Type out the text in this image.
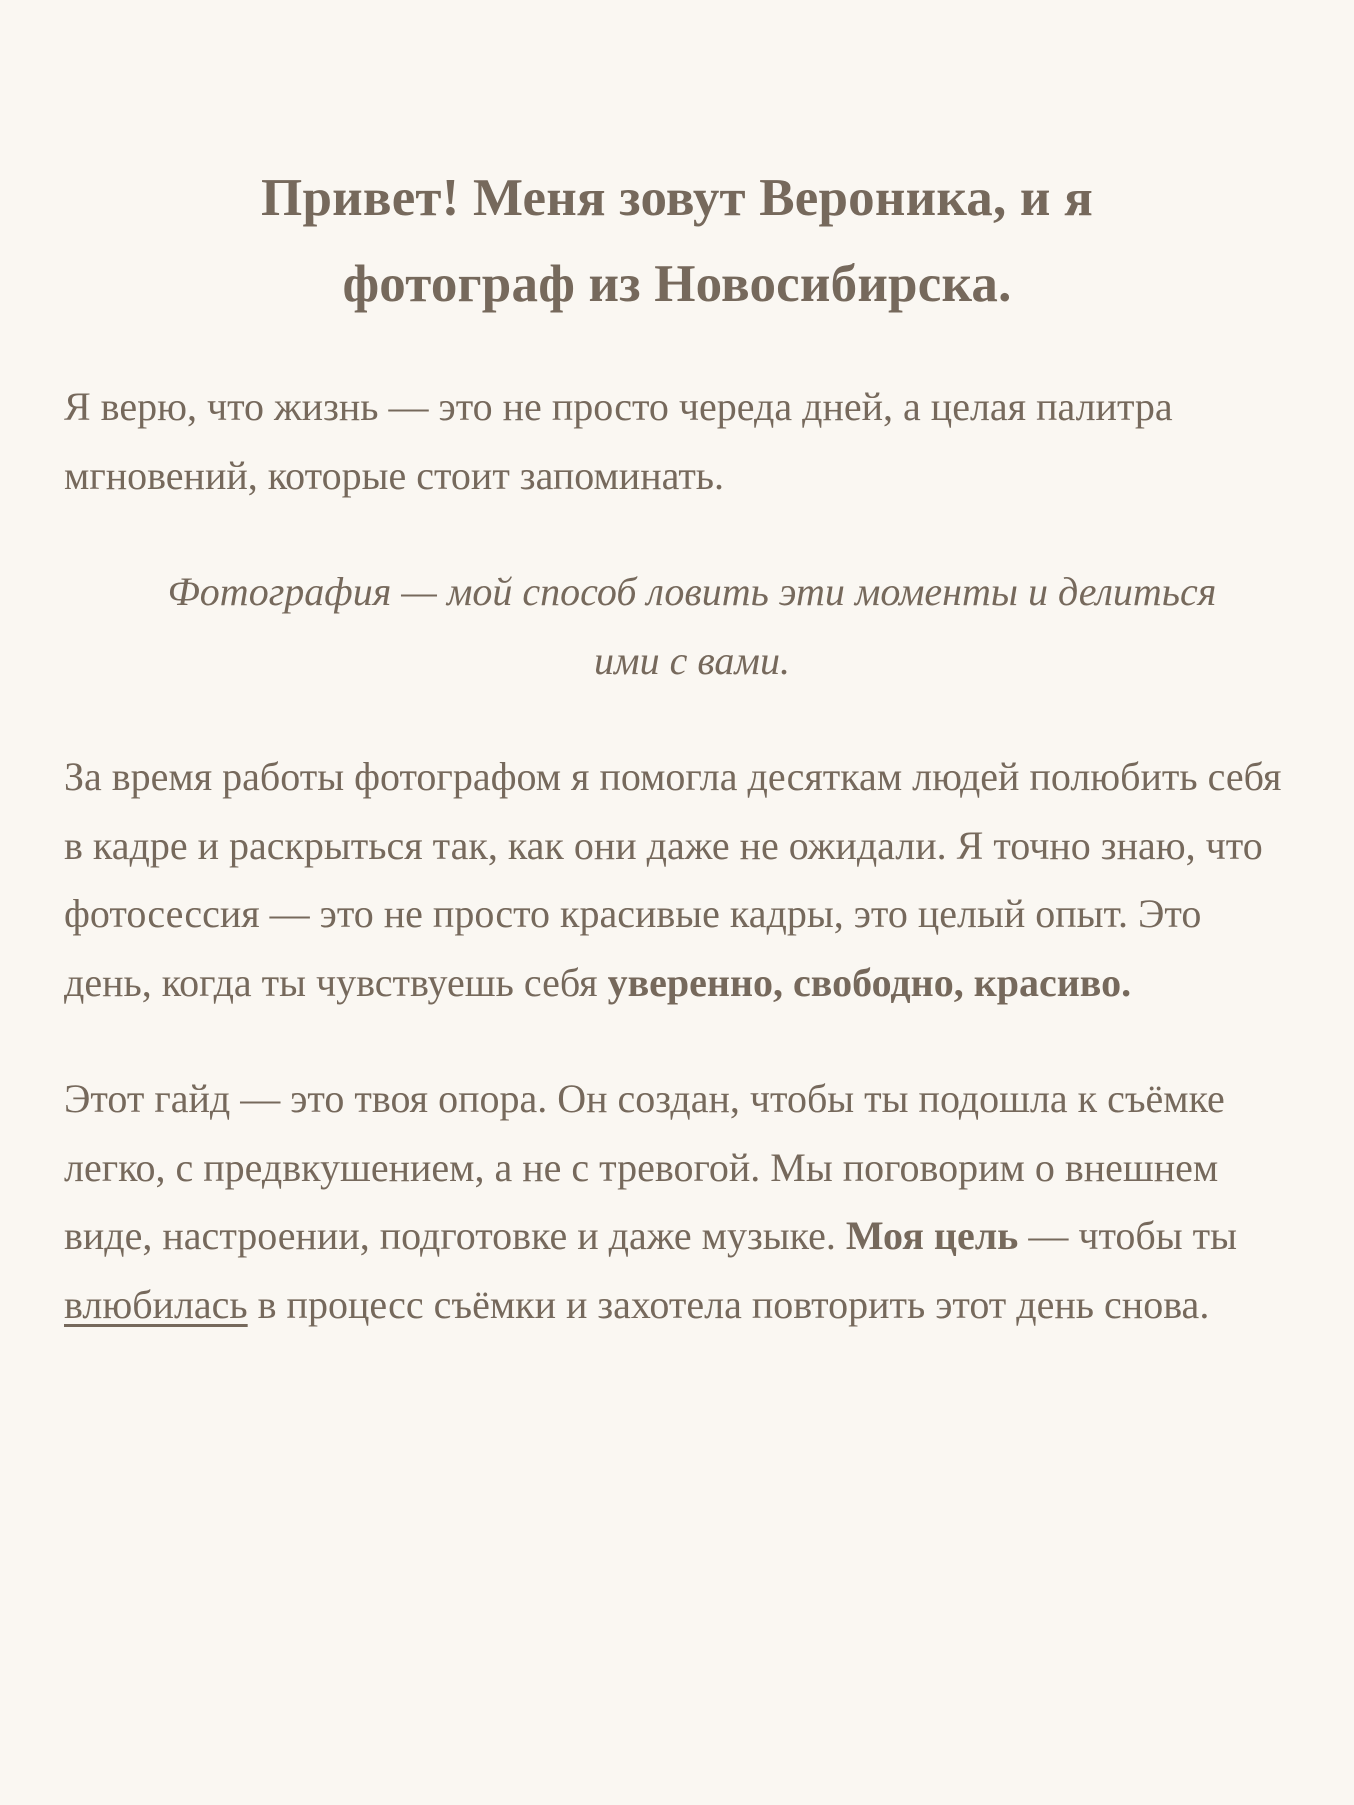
Привет! Меня зовут Вероника, и я
фотограф из Новосибирска.

Я верю, что жизнь — это не просто череда дней, а целая палитра мгновений, которые стоит запоминать.

Фотография — мой способ ловить эти моменты и делиться ими с вами.

За время работы фотографом я помогла десяткам людей полюбить себя в кадре и раскрыться так, как они даже не ожидали. Я точно знаю, что фотосессия — это не просто красивые кадры, это целый опыт. Это день, когда ты чувствуешь себя уверенно, свободно, красиво.

Этот гайд — это твоя опора. Он создан, чтобы ты подошла к съёмке легко, с предвкушением, а не с тревогой. Мы поговорим о внешнем виде, настроении, подготовке и даже музыке. Моя цель — чтобы ты влюбилась в процесс съёмки и захотела повторить этот день снова.
